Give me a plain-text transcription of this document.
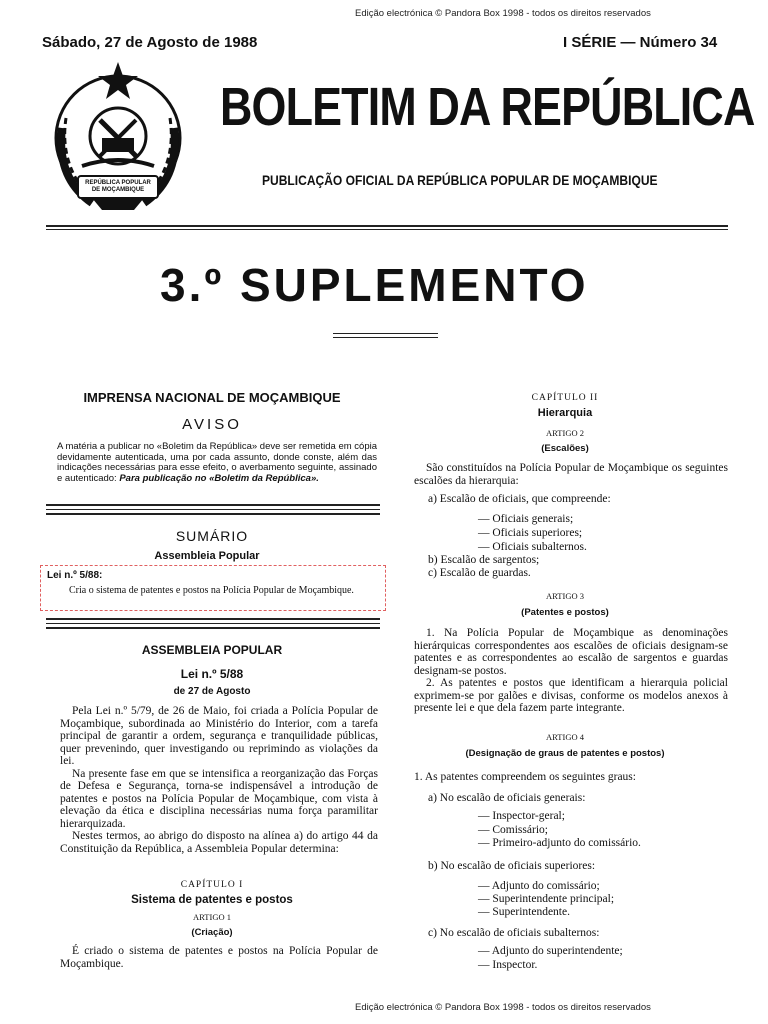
Edição electrónica © Pandora Box 1998 - todos os direitos reservados
Edição electrónica © Pandora Box 1998 - todos os direitos reservados
Sábado, 27 de Agosto de 1988	I SÉRIE — Número 34
REPÚBLICA POPULAR DE MOÇAMBIQUE
BOLETIM DA REPÚBLICA
PUBLICAÇÃO OFICIAL DA REPÚBLICA POPULAR DE MOÇAMBIQUE
3.º SUPLEMENTO
IMPRENSA NACIONAL DE MOÇAMBIQUE
AVISO
A matéria a publicar no «Boletim da República» deve ser remetida em cópia devidamente autenticada, uma por cada assunto, donde conste, além das indicações necessárias para esse efeito, o averbamento seguinte, assinado e autenticado: Para publicação no «Boletim da República».
SUMÁRIO
Assembleia Popular
Lei n.º 5/88:
Cria o sistema de patentes e postos na Polícia Popular de Moçambique.
ASSEMBLEIA POPULAR
Lei n.º 5/88
de 27 de Agosto

Pela Lei n.º 5/79, de 26 de Maio, foi criada a Polícia Popular de Moçambique, subordinada ao Ministério do Interior, com a tarefa principal de garantir a ordem, segurança e tranquilidade públicas, quer prevenindo, quer investigando ou reprimindo as violações da lei.

Na presente fase em que se intensifica a reorganização das Forças de Defesa e Segurança, torna-se indispensável a introdução de patentes e postos na Polícia Popular de Moçambique, com vista à elevação da ética e disciplina necessárias numa força paramilitar hierarquizada.

Nestes termos, ao abrigo do disposto na alínea a) do artigo 44 da Constituição da República, a Assembleia Popular determina:

CAPÍTULO I
Sistema de patentes e postos
ARTIGO 1
(Criação)
É criado o sistema de patentes e postos na Polícia Popular de Moçambique.
CAPÍTULO II
Hierarquia
ARTIGO 2
(Escalões)
São constituídos na Polícia Popular de Moçambique os seguintes escalões da hierarquia:
a) Escalão de oficiais, que compreende:
— Oficiais generais;
— Oficiais superiores;
— Oficiais subalternos.
b) Escalão de sargentos;
c) Escalão de guardas.
ARTIGO 3
(Patentes e postos)

1. Na Polícia Popular de Moçambique as denominações hierárquicas correspondentes aos escalões de oficiais designam-se patentes e as correspondentes ao escalão de sargentos e guardas designam-se postos.

2. As patentes e postos que identificam a hierarquia policial exprimem-se por galões e divisas, conforme os modelos anexos à presente lei e que dela fazem parte integrante.

ARTIGO 4
(Designação de graus de patentes e postos)
1. As patentes compreendem os seguintes graus:
a) No escalão de oficiais generais:
— Inspector-geral;
— Comissário;
— Primeiro-adjunto do comissário.
b) No escalão de oficiais superiores:
— Adjunto do comissário;
— Superintendente principal;
— Superintendente.
c) No escalão de oficiais subalternos:
— Adjunto do superintendente;
— Inspector.
